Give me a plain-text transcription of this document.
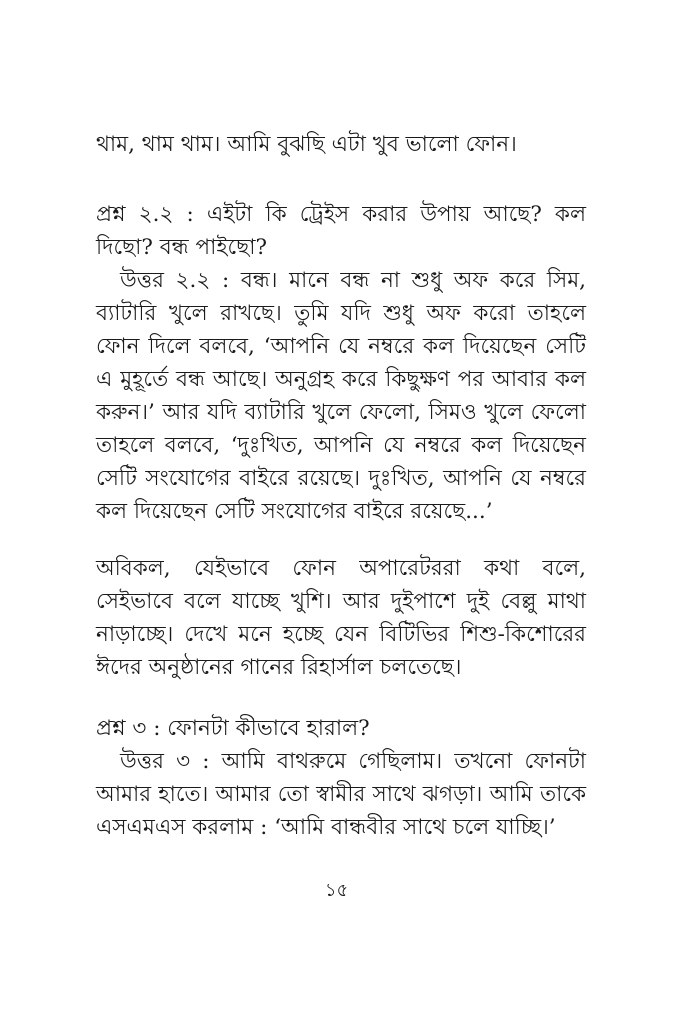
থাম, থাম থাম। আমি বুঝছি এটা খুব ভালো ফোন।

প্রশ্ন ২.২ : এইটা কি ট্রেইস করার উপায় আছে? কল দিছো? বন্ধ পাইছো?

উত্তর ২.২ : বন্ধ। মানে বন্ধ না শুধু অফ করে সিম, ব্যাটারি খুলে রাখছে। তুমি যদি শুধু অফ করো তাহলে ফোন দিলে বলবে, ‘আপনি যে নম্বরে কল দিয়েছেন সেটি এ মুহূর্তে বন্ধ আছে। অনুগ্রহ করে কিছুক্ষণ পর আবার কল করুন।’ আর যদি ব্যাটারি খুলে ফেলো, সিমও খুলে ফেলো তাহলে বলবে, ‘দুঃখিত, আপনি যে নম্বরে কল দিয়েছেন সেটি সংযোগের বাইরে রয়েছে। দুঃখিত, আপনি যে নম্বরে কল দিয়েছেন সেটি সংযোগের বাইরে রয়েছে...’

অবিকল, যেইভাবে ফোন অপারেটররা কথা বলে, সেইভাবে বলে যাচ্ছে খুশি। আর দুইপাশে দুই বেল্লু মাথা নাড়াচ্ছে। দেখে মনে হচ্ছে যেন বিটিভির শিশু-কিশোরের ঈদের অনুষ্ঠানের গানের রিহার্সাল চলতেছে।

প্রশ্ন ৩ : ফোনটা কীভাবে হারাল?

উত্তর ৩ : আমি বাথরুমে গেছিলাম। তখনো ফোনটা আমার হাতে। আমার তো স্বামীর সাথে ঝগড়া। আমি তাকে এসএমএস করলাম : ‘আমি বান্ধবীর সাথে চলে যাচ্ছি।’

১৫
